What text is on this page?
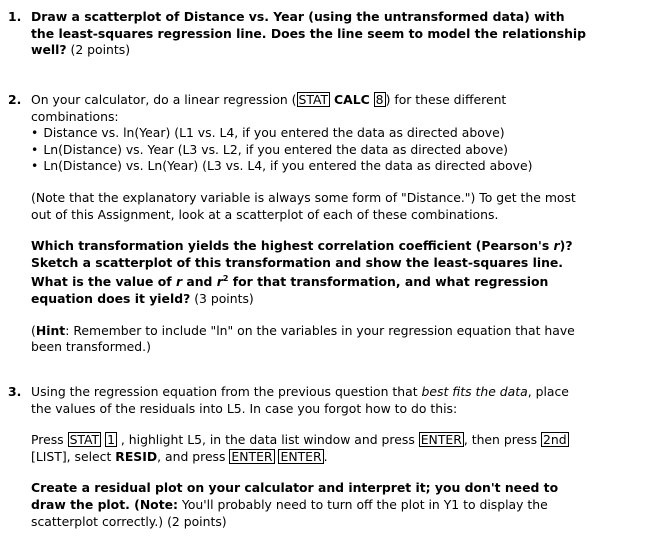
1. Draw a scatterplot of Distance vs. Year (using the untransformed data) with
the least-squares regression line. Does the line seem to model the relationship
well? (2 points)
2. On your calculator, do a linear regression ( STAT CALC 8 ) for these different
combinations:
• Distance vs. ln(Year) (L1 vs. L4, if you entered the data as directed above)
• Ln(Distance) vs. Year (L3 vs. L2, if you entered the data as directed above)
• Ln(Distance) vs. Ln(Year) (L3 vs. L4, if you entered the data as directed above)
(Note that the explanatory variable is always some form of "Distance.") To get the most
out of this Assignment, look at a scatterplot of each of these combinations.
Which transformation yields the highest correlation coefficient (Pearson's r)?
Sketch a scatterplot of this transformation and show the least-squares line.
What is the value of r and $r^2$ for that transformation, and what regression
equation does it yield? (3 points)
(Hint: Remember to include "ln" on the variables in your regression equation that have
been transformed.)
3. Using the regression equation from the previous question that best fits the data, place
the values of the residuals into L5. In case you forgot how to do this:
Press STAT 1 , highlight L5, in the data list window and press ENTER , then press 2nd
[LIST], select RESID, and press ENTER ENTER .
Create a residual plot on your calculator and interpret it; you don't need to
draw the plot. (Note: You'll probably need to turn off the plot in Y1 to display the
scatterplot correctly.) (2 points)
